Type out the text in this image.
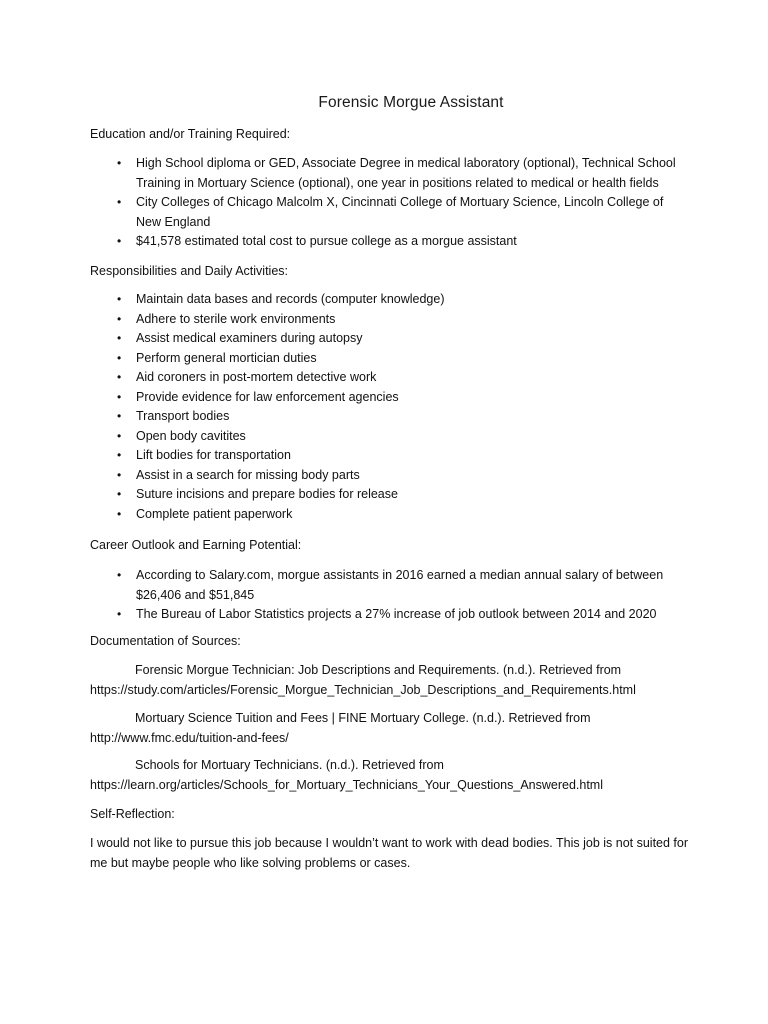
Forensic Morgue Assistant
Education and/or Training Required:
• High School diploma or GED, Associate Degree in medical laboratory (optional), Technical School Training in Mortuary Science (optional), one year in positions related to medical or health fields
• City Colleges of Chicago Malcolm X, Cincinnati College of Mortuary Science, Lincoln College of New England
• $41,578 estimated total cost to pursue college as a morgue assistant
Responsibilities and Daily Activities:
• Maintain data bases and records (computer knowledge)
• Adhere to sterile work environments
• Assist medical examiners during autopsy
• Perform general mortician duties
• Aid coroners in post-mortem detective work
• Provide evidence for law enforcement agencies
• Transport bodies
• Open body cavitites
• Lift bodies for transportation
• Assist in a search for missing body parts
• Suture incisions and prepare bodies for release
• Complete patient paperwork
Career Outlook and Earning Potential:
• According to Salary.com, morgue assistants in 2016 earned a median annual salary of between $26,406 and $51,845
• The Bureau of Labor Statistics projects a 27% increase of job outlook between 2014 and 2020
Documentation of Sources:
Forensic Morgue Technician: Job Descriptions and Requirements. (n.d.). Retrieved from
https://study.com/articles/Forensic_Morgue_Technician_Job_Descriptions_and_Requirements.html
Mortuary Science Tuition and Fees | FINE Mortuary College. (n.d.). Retrieved from
http://www.fmc.edu/tuition-and-fees/
Schools for Mortuary Technicians. (n.d.). Retrieved from
https://learn.org/articles/Schools_for_Mortuary_Technicians_Your_Questions_Answered.html
Self-Reflection:
I would not like to pursue this job because I wouldn’t want to work with dead bodies. This job is not suited for me but maybe people who like solving problems or cases.
